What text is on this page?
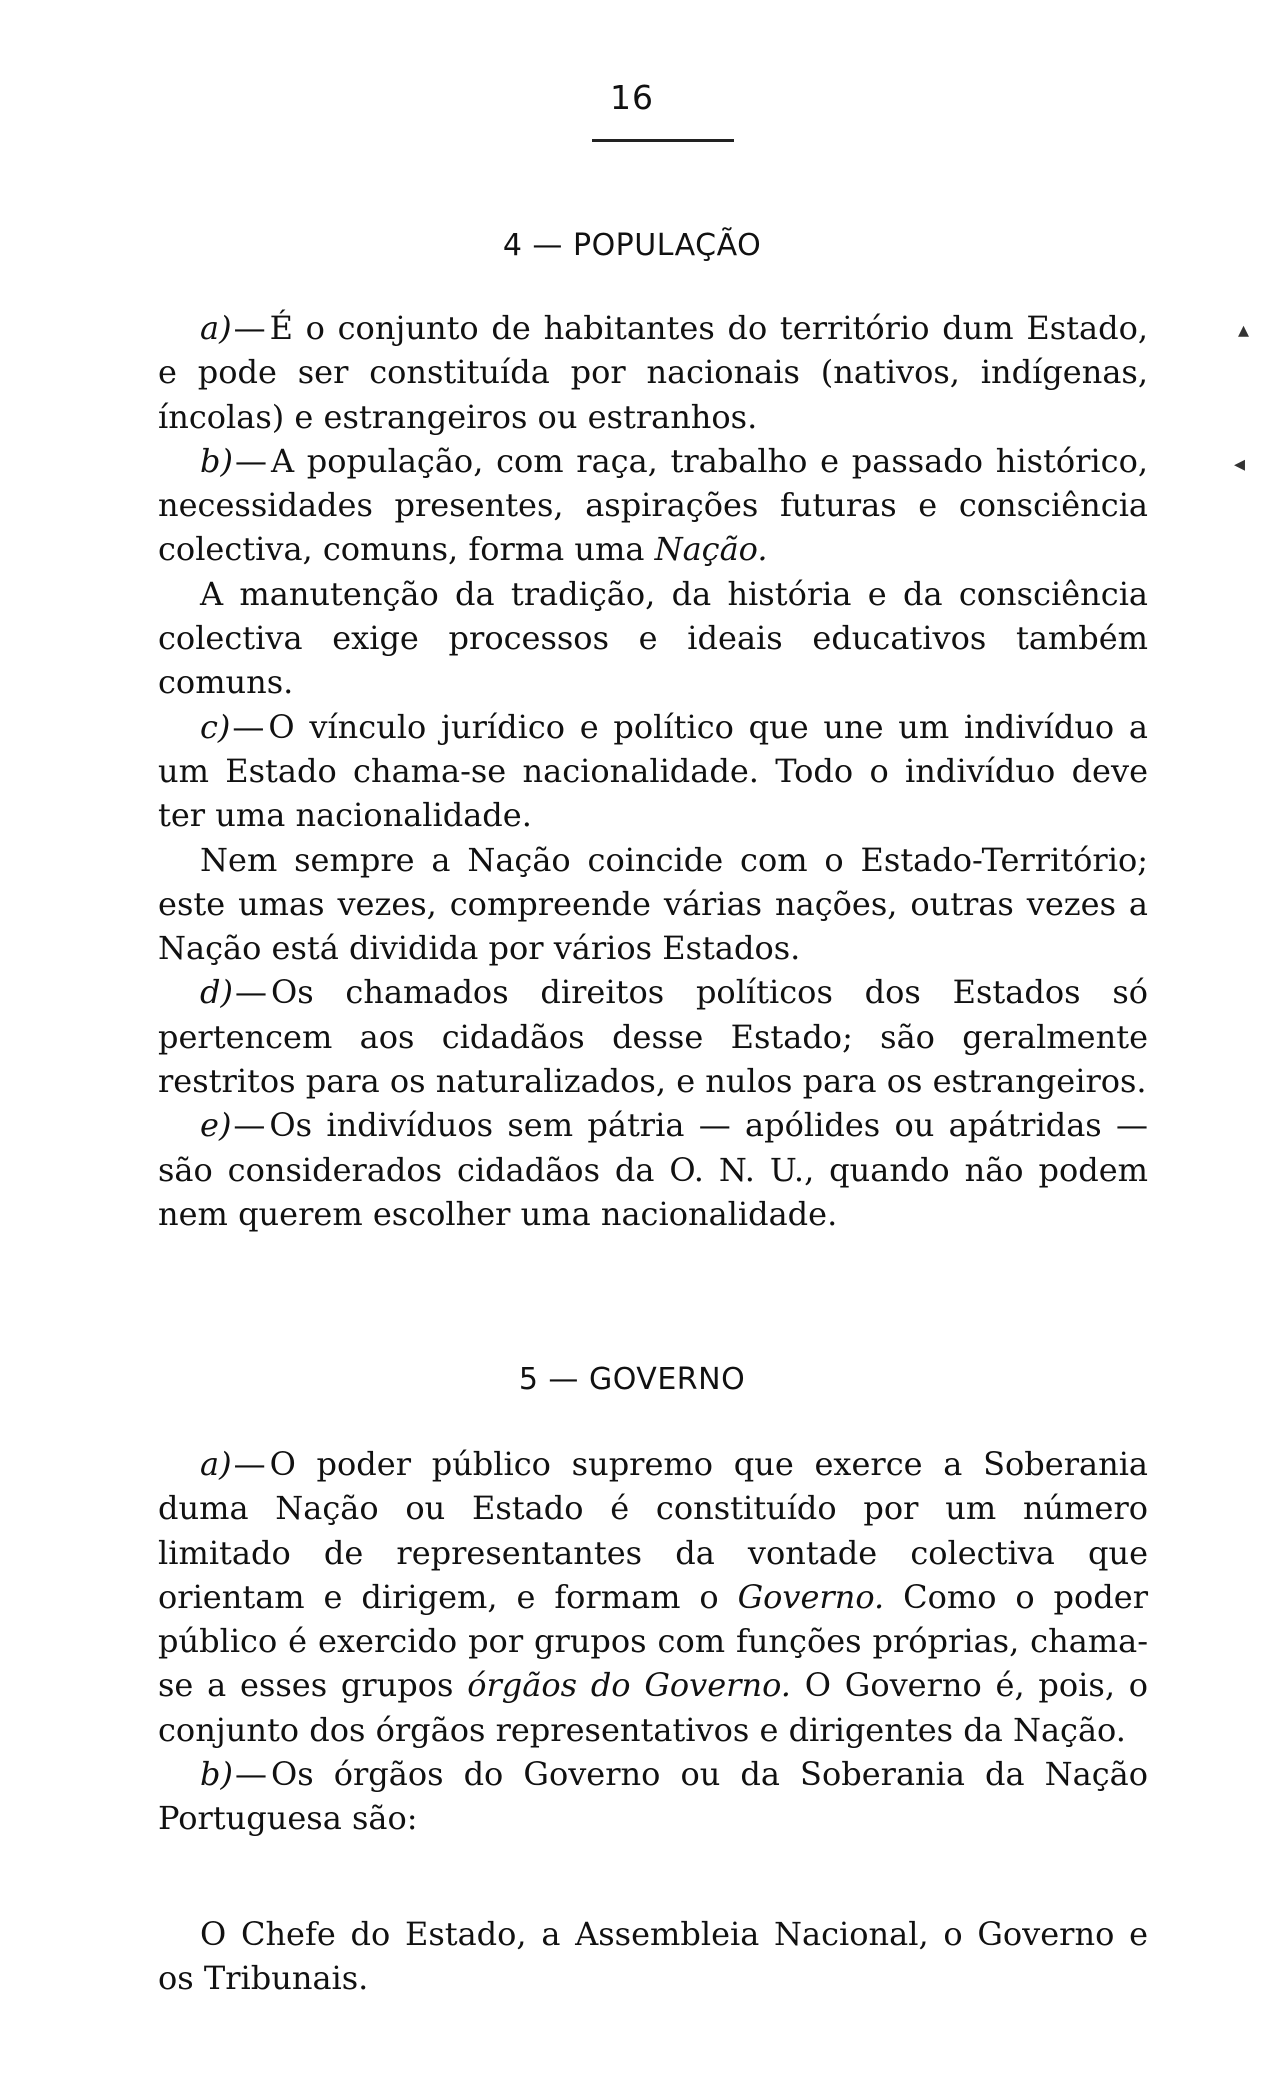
16
4 — POPULAÇÃO

a)— É o conjunto de habitantes do território dum Estado, e pode ser constituída por nacionais (nativos, indígenas, íncolas) e estrangeiros ou estranhos.

b)— A população, com raça, trabalho e passado histórico, necessidades presentes, aspirações futuras e consciência colectiva, comuns, forma uma Nação.

A manutenção da tradição, da história e da consciência colectiva exige processos e ideais educativos também comuns.

c)— O vínculo jurídico e político que une um indivíduo a um Estado chama-se nacionalidade. Todo o indivíduo deve ter uma nacionalidade.

Nem sempre a Nação coincide com o Estado-Território; este umas vezes, compreende várias nações, outras vezes a Nação está dividida por vários Estados.

d)— Os chamados direitos políticos dos Estados só pertencem aos cidadãos desse Estado; são geralmente restritos para os naturalizados, e nulos para os estrangeiros.

e)— Os indivíduos sem pátria — apólides ou apátridas — são considerados cidadãos da O. N. U., quando não podem nem querem escolher uma nacionalidade.

5 — GOVERNO

a)— O poder público supremo que exerce a Soberania duma Nação ou Estado é constituído por um número limitado de representantes da vontade colectiva que orientam e dirigem, e formam o Governo. Como o poder público é exercido por grupos com funções próprias, chama-se a esses grupos órgãos do Governo. O Governo é, pois, o conjunto dos órgãos representativos e dirigentes da Nação.

b)— Os órgãos do Governo ou da Soberania da Nação Portuguesa são:

O Chefe do Estado, a Assembleia Nacional, o Governo e os Tribunais.
▴
◂
